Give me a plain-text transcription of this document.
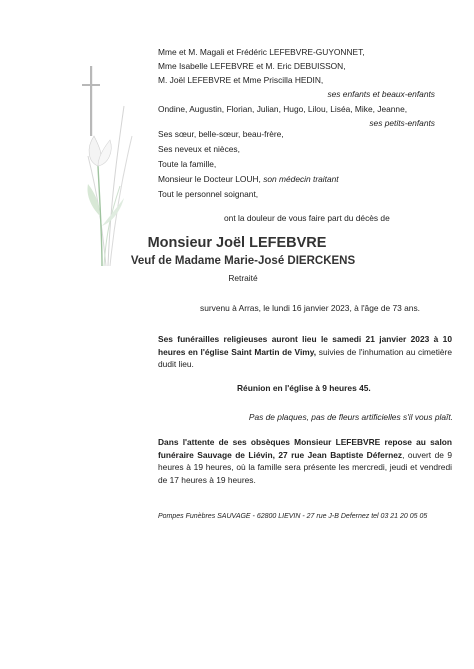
Mme et M. Magali et Frédéric LEFEBVRE-GUYONNET,
Mme Isabelle LEFEBVRE et M. Eric DEBUISSON,
M. Joël LEFEBVRE et Mme Priscilla HEDIN,
ses enfants et beaux-enfants
Ondine, Augustin, Florian, Julian, Hugo, Lilou, Liséa, Mike, Jeanne,
ses petits-enfants
Ses sœur, belle-sœur, beau-frère,
Ses neveux et nièces,
Toute la famille,
Monsieur le Docteur LOUH, son médecin traitant
Tout le personnel soignant,
ont la douleur de vous faire part du décès de
Monsieur Joël LEFEBVRE
Veuf de Madame Marie-José DIERCKENS
Retraité
survenu à Arras, le lundi 16 janvier 2023, à l'âge de 73 ans.
Ses funérailles religieuses auront lieu le samedi 21 janvier 2023 à 10 heures en l'église Saint Martin de Vimy, suivies de l'inhumation au cimetière dudit lieu.
Réunion en l'église à 9 heures 45.
Pas de plaques, pas de fleurs artificielles s'il vous plaît.
Dans l'attente de ses obsèques Monsieur LEFEBVRE repose au salon funéraire Sauvage de Liévin, 27 rue Jean Baptiste Défernez, ouvert de 9 heures à 19 heures, où la famille sera présente les mercredi, jeudi et vendredi de 17 heures à 19 heures.
Pompes Funèbres SAUVAGE - 62800 LIEVIN - 27 rue J-B Defernez tel 03 21 20 05 05
